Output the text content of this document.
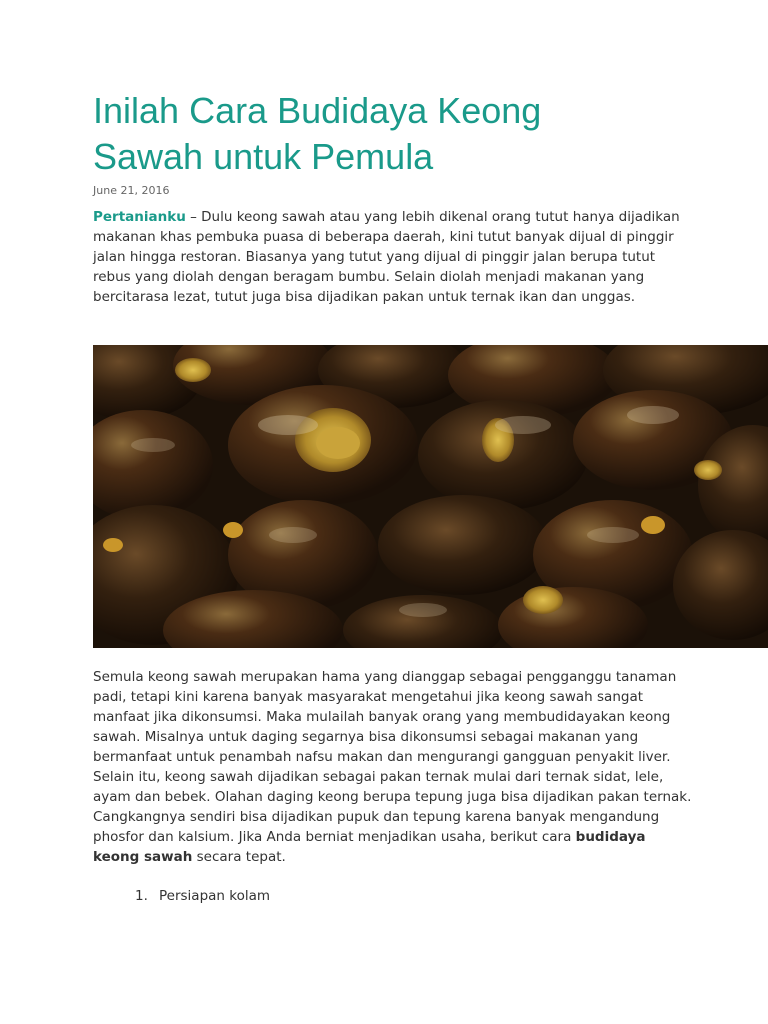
Inilah Cara Budidaya Keong Sawah untuk Pemula
June 21, 2016

Pertanianku – Dulu keong sawah atau yang lebih dikenal orang tutut hanya dijadikan makanan khas pembuka puasa di beberapa daerah, kini tutut banyak dijual di pinggir jalan hingga restoran. Biasanya yang tutut yang dijual di pinggir jalan berupa tutut rebus yang diolah dengan beragam bumbu. Selain diolah menjadi makanan yang bercitarasa lezat, tutut juga bisa dijadikan pakan untuk ternak ikan dan unggas.

Semula keong sawah merupakan hama yang dianggap sebagai pengganggu tanaman padi, tetapi kini karena banyak masyarakat mengetahui jika keong sawah sangat manfaat jika dikonsumsi. Maka mulailah banyak orang yang membudidayakan keong sawah. Misalnya untuk daging segarnya bisa dikonsumsi sebagai makanan yang bermanfaat untuk penambah nafsu makan dan mengurangi gangguan penyakit liver. Selain itu, keong sawah dijadikan sebagai pakan ternak mulai dari ternak sidat, lele, ayam dan bebek. Olahan daging keong berupa tepung juga bisa dijadikan pakan ternak. Cangkangnya sendiri bisa dijadikan pupuk dan tepung karena banyak mengandung phosfor dan kalsium. Jika Anda berniat menjadikan usaha, berikut cara budidaya keong sawah secara tepat.

1. Persiapan kolam
